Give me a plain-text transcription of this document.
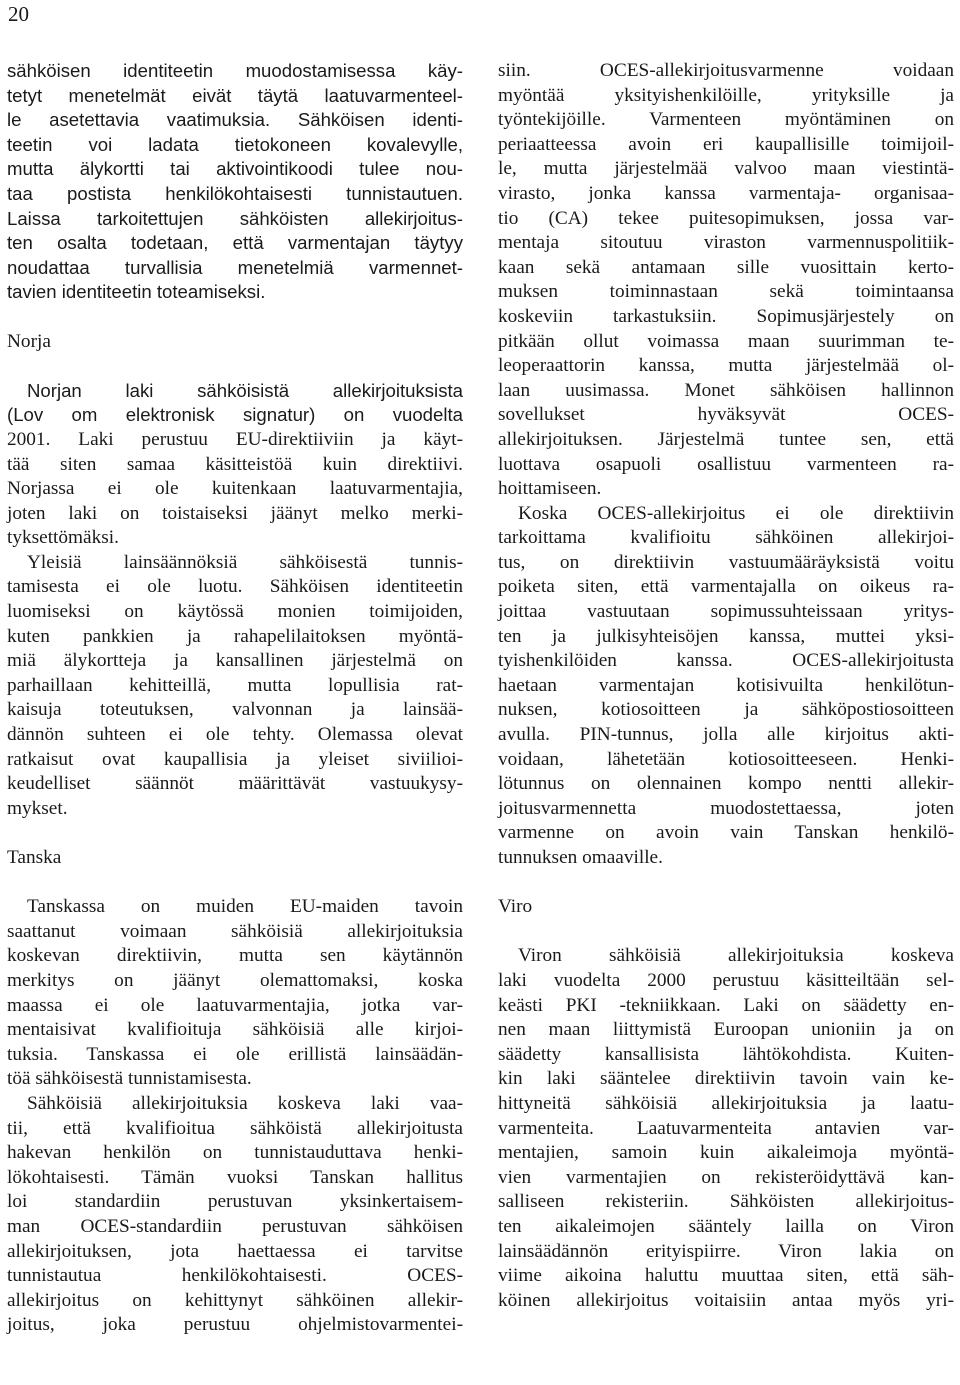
20
sähköisen identiteetin muodostamisessa käy-
tetyt menetelmät eivät täytä laatuvarmenteel-
le asetettavia vaatimuksia. Sähköisen identi-
teetin voi ladata tietokoneen kovalevylle,
mutta älykortti tai aktivointikoodi tulee nou-
taa postista henkilökohtaisesti tunnistautuen.
Laissa tarkoitettujen sähköisten allekirjoitus-
ten osalta todetaan, että varmentajan täytyy
noudattaa turvallisia menetelmiä varmennet-
tavien identiteetin toteamiseksi.
Norja
Norjan laki sähköisistä allekirjoituksista
(Lov om elektronisk signatur) on vuodelta
2001. Laki perustuu EU-direktiiviin ja käyt-
tää siten samaa käsitteistöä kuin direktiivi.
Norjassa ei ole kuitenkaan laatuvarmentajia,
joten laki on toistaiseksi jäänyt melko merki-
tyksettömäksi.
Yleisiä lainsäännöksiä sähköisestä tunnis-
tamisesta ei ole luotu. Sähköisen identiteetin
luomiseksi on käytössä monien toimijoiden,
kuten pankkien ja rahapelilaitoksen myöntä-
miä älykortteja ja kansallinen järjestelmä on
parhaillaan kehitteillä, mutta lopullisia rat-
kaisuja toteutuksen, valvonnan ja lainsää-
dännön suhteen ei ole tehty. Olemassa olevat
ratkaisut ovat kaupallisia ja yleiset siviilioi-
keudelliset säännöt määrittävät vastuukysy-
mykset.
Tanska
Tanskassa on muiden EU-maiden tavoin
saattanut voimaan sähköisiä allekirjoituksia
koskevan direktiivin, mutta sen käytännön
merkitys on jäänyt olemattomaksi, koska
maassa ei ole laatuvarmentajia, jotka var-
mentaisivat kvalifioituja sähköisiä alle kirjoi-
tuksia. Tanskassa ei ole erillistä lainsäädän-
töä sähköisestä tunnistamisesta.
Sähköisiä allekirjoituksia koskeva laki vaa-
tii, että kvalifioitua sähköistä allekirjoitusta
hakevan henkilön on tunnistauduttava henki-
lökohtaisesti. Tämän vuoksi Tanskan hallitus
loi standardiin perustuvan yksinkertaisem-
man OCES-standardiin perustuvan sähköisen
allekirjoituksen, jota haettaessa ei tarvitse
tunnistautua henkilökohtaisesti. OCES-
allekirjoitus on kehittynyt sähköinen allekir-
joitus, joka perustuu ohjelmistovarmentei-
siin. OCES-allekirjoitusvarmenne voidaan
myöntää yksityishenkilöille, yrityksille ja
työntekijöille. Varmenteen myöntäminen on
periaatteessa avoin eri kaupallisille toimijoil-
le, mutta järjestelmää valvoo maan viestintä-
virasto, jonka kanssa varmentaja- organisaa-
tio (CA) tekee puitesopimuksen, jossa var-
mentaja sitoutuu viraston varmennuspolitiik-
kaan sekä antamaan sille vuosittain kerto-
muksen toiminnastaan sekä toimintaansa
koskeviin tarkastuksiin. Sopimusjärjestely on
pitkään ollut voimassa maan suurimman te-
leoperaattorin kanssa, mutta järjestelmää ol-
laan uusimassa. Monet sähköisen hallinnon
sovellukset hyväksyvät OCES-
allekirjoituksen. Järjestelmä tuntee sen, että
luottava osapuoli osallistuu varmenteen ra-
hoittamiseen.
Koska OCES-allekirjoitus ei ole direktiivin
tarkoittama kvalifioitu sähköinen allekirjoi-
tus, on direktiivin vastuumääräyksistä voitu
poiketa siten, että varmentajalla on oikeus ra-
joittaa vastuutaan sopimussuhteissaan yritys-
ten ja julkisyhteisöjen kanssa, muttei yksi-
tyishenkilöiden kanssa. OCES-allekirjoitusta
haetaan varmentajan kotisivuilta henkilötun-
nuksen, kotiosoitteen ja sähköpostiosoitteen
avulla. PIN-tunnus, jolla alle kirjoitus akti-
voidaan, lähetetään kotiosoitteeseen. Henki-
lötunnus on olennainen kompo nentti allekir-
joitusvarmennetta muodostettaessa, joten
varmenne on avoin vain Tanskan henkilö-
tunnuksen omaaville.
Viro
Viron sähköisiä allekirjoituksia koskeva
laki vuodelta 2000 perustuu käsitteiltään sel-
keästi PKI -tekniikkaan. Laki on säädetty en-
nen maan liittymistä Euroopan unioniin ja on
säädetty kansallisista lähtökohdista. Kuiten-
kin laki sääntelee direktiivin tavoin vain ke-
hittyneitä sähköisiä allekirjoituksia ja laatu-
varmenteita. Laatuvarmenteita antavien var-
mentajien, samoin kuin aikaleimoja myöntä-
vien varmentajien on rekisteröidyttävä kan-
salliseen rekisteriin. Sähköisten allekirjoitus-
ten aikaleimojen sääntely lailla on Viron
lainsäädännön erityispiirre. Viron lakia on
viime aikoina haluttu muuttaa siten, että säh-
köinen allekirjoitus voitaisiin antaa myös yri-
